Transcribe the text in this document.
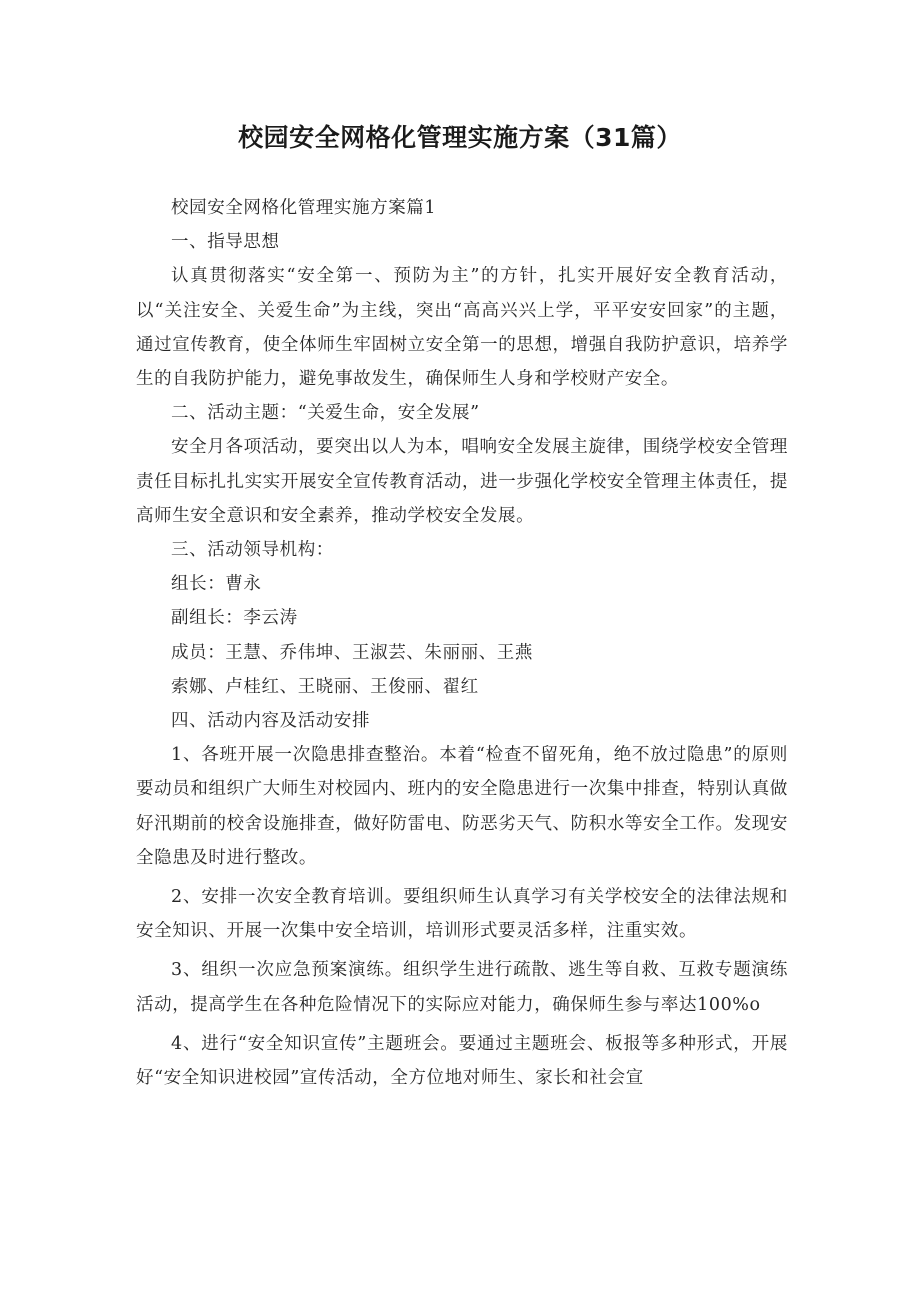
校园安全网格化管理实施方案（31篇）

校园安全网格化管理实施方案篇1

一、指导思想

认真贯彻落实“安全第一、预防为主”的方针，扎实开展好安全教育活动，以“关注安全、关爱生命”为主线，突出“高高兴兴上学，平平安安回家”的主题，通过宣传教育，使全体师生牢固树立安全第一的思想，增强自我防护意识，培养学生的自我防护能力，避免事故发生，确保师生人身和学校财产安全。

二、活动主题：“关爱生命，安全发展”

安全月各项活动，要突出以人为本，唱响安全发展主旋律，围绕学校安全管理责任目标扎扎实实开展安全宣传教育活动，进一步强化学校安全管理主体责任，提高师生安全意识和安全素养，推动学校安全发展。

三、活动领导机构：

组长：曹永

副组长：李云涛

成员：王慧、乔伟坤、王淑芸、朱丽丽、王燕

索娜、卢桂红、王晓丽、王俊丽、翟红

四、活动内容及活动安排

1、各班开展一次隐患排查整治。本着“检查不留死角，绝不放过隐患”的原则要动员和组织广大师生对校园内、班内的安全隐患进行一次集中排查，特别认真做好汛期前的校舍设施排查，做好防雷电、防恶劣天气、防积水等安全工作。发现安全隐患及时进行整改。

2、安排一次安全教育培训。要组织师生认真学习有关学校安全的法律法规和安全知识、开展一次集中安全培训，培训形式要灵活多样，注重实效。

3、组织一次应急预案演练。组织学生进行疏散、逃生等自救、互救专题演练活动，提高学生在各种危险情况下的实际应对能力，确保师生参与率达100%o

4、进行“安全知识宣传”主题班会。要通过主题班会、板报等多种形式，开展好“安全知识进校园”宣传活动，全方位地对师生、家长和社会宣
